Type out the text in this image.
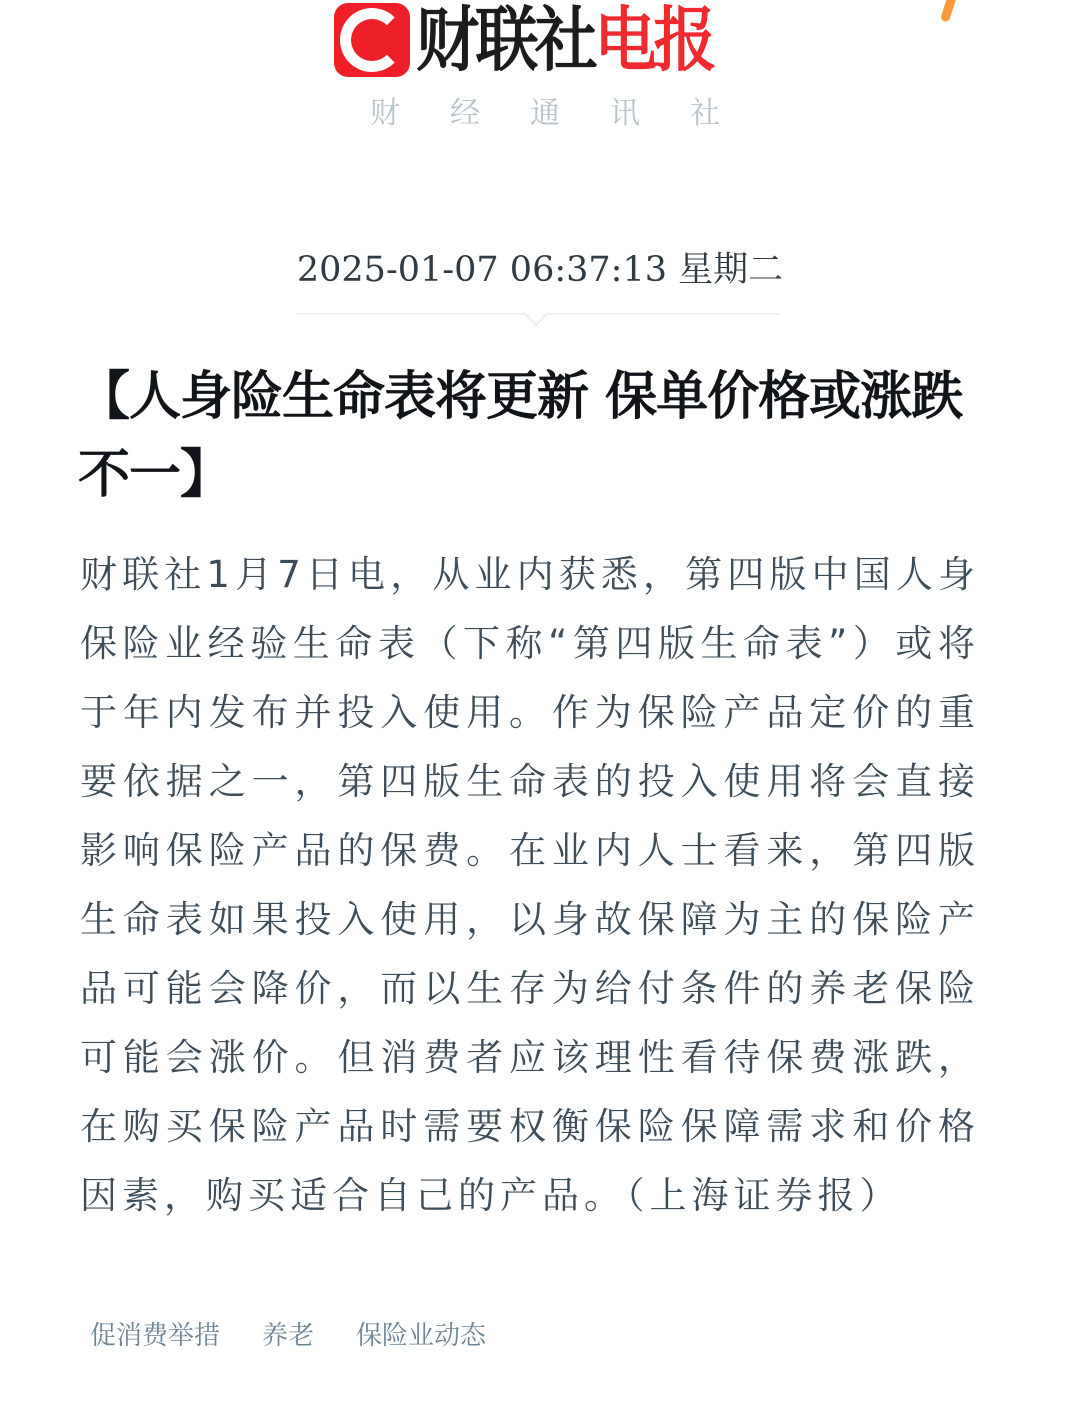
财联社电报
财 经 通 讯 社
2025-01-07 06:37:13 星期二
【人身险生命表将更新 保单价格或涨跌不一】
财联社1月7日电，从业内获悉，第四版中国人身保险业经验生命表（下称“第四版生命表”）或将于年内发布并投入使用。作为保险产品定价的重要依据之一，第四版生命表的投入使用将会直接影响保险产品的保费。在业内人士看来，第四版生命表如果投入使用，以身故保障为主的保险产品可能会降价，而以生存为给付条件的养老保险可能会涨价。但消费者应该理性看待保费涨跌，在购买保险产品时需要权衡保险保障需求和价格因素，购买适合自己的产品。（上海证券报）
促消费举措 养老 保险业动态
